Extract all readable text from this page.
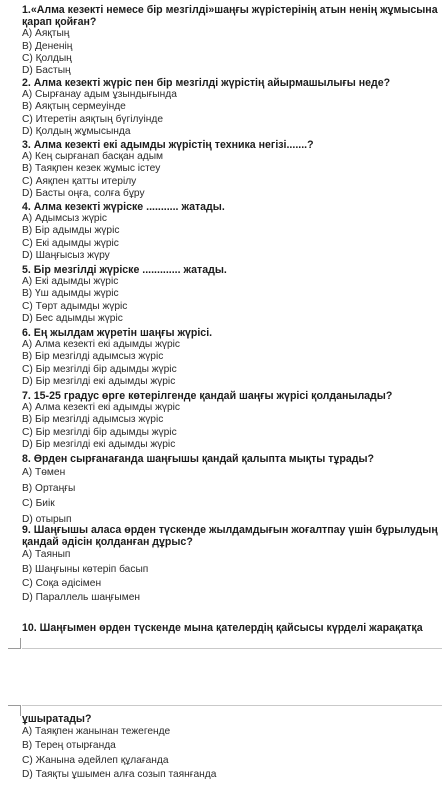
1.«Алма кезекті немесе бір мезгілді»шаңғы жүрістерінің атын ненің жұмысына
қарап қойған?
А) Аяқтың
В) Дененің
С) Қолдың
D) Бастың
2. Алма кезекті жүріс пен бір мезгілді жүрістің айырмашылығы неде?
А) Сырғанау адым ұзындығында
В) Аяқтың сермеуінде
С) Итеретін аяқтың бүгілуінде
D) Қолдың жұмысында
3. Алма кезекті екі адымды жүрістің техника негізі.......?
А) Кең сырғанап басқан адым
В) Таяқпен кезек жұмыс істеу
С) Аяқпен қатты итерілу
D) Басты оңға, солға бұру
4. Алма кезекті жүріске ........... жатады.
А) Адымсыз жүріс
В) Бір адымды жүріс
С) Екі адымды жүріс
D) Шаңғысыз жүру
5. Бір мезгілді жүріске ............. жатады.
А) Екі адымды жүріс
В) Үш адымды жүріс
С) Төрт адымды жүріс
D) Бес адымды жүріс
6. Ең жылдам жүретін шаңғы жүрісі.
А) Алма кезекті екі адымды жүріс
В) Бір мезгілді адымсыз жүріс
С) Бір мезгілді бір адымды жүріс
D) Бір мезгілді екі адымды жүріс
7. 15-25 градус өрге көтерілгенде қандай шаңғы жүрісі қолданылады?
А) Алма кезекті екі адымды жүріс
В) Бір мезгілді адымсыз жүріс
С) Бір мезгілді бір адымды жүріс
D) Бір мезгілді екі адымды жүріс
8. Өрден сырғанағанда шаңғышы қандай қалыпта мықты тұрады?
А) Төмен
В) Ортаңғы
С) Биік
D) отырып
9. Шаңғышы алаcа өрден түскенде жылдамдығын жоғалтпау үшін бұрылудың
қандай әдісін қолданған дұрыс?
А) Таянып
В) Шаңғыны көтеріп басып
С) Соқа әдісімен
D) Параллель шаңғымен
10. Шаңғымен өрден түскенде мына қателердің қайсысы күрделі жарақатқа
ұшыратады?
А) Таяқпен жанынан тежегенде
В) Терең отырғанда
С) Жанына әдейлеп құлағанда
D) Таяқты ұшымен алға созып таянғанда
